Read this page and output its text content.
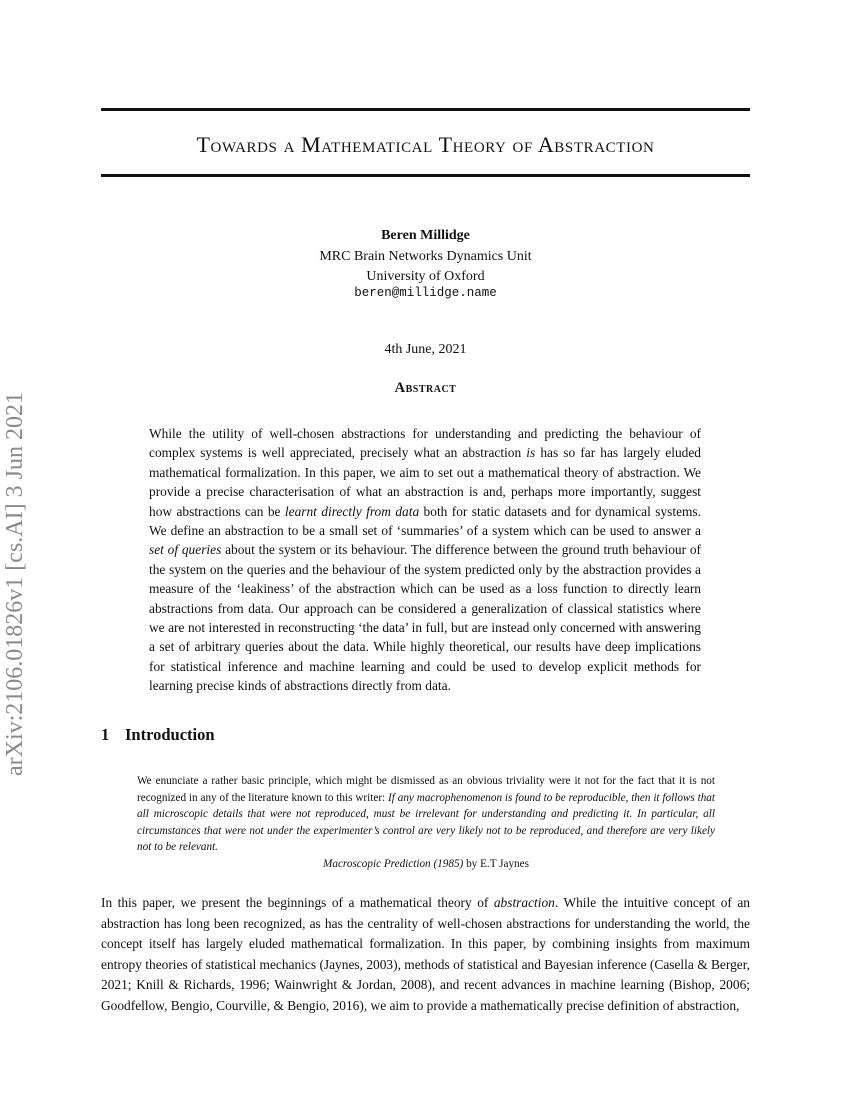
arXiv:2106.01826v1 [cs.AI] 3 Jun 2021
Towards a Mathematical Theory of Abstraction
Beren Millidge
MRC Brain Networks Dynamics Unit
University of Oxford
beren@millidge.name
4th June, 2021
Abstract
While the utility of well-chosen abstractions for understanding and predicting the behaviour of complex systems is well appreciated, precisely what an abstraction is has so far has largely eluded mathematical formalization. In this paper, we aim to set out a mathematical theory of abstraction. We provide a precise characterisation of what an abstraction is and, perhaps more importantly, suggest how abstractions can be learnt directly from data both for static datasets and for dynamical systems. We define an abstraction to be a small set of ‘summaries’ of a system which can be used to answer a set of queries about the system or its behaviour. The difference between the ground truth behaviour of the system on the queries and the behaviour of the system predicted only by the abstraction provides a measure of the ‘leakiness’ of the abstraction which can be used as a loss function to directly learn abstractions from data. Our approach can be considered a generalization of classical statistics where we are not interested in reconstructing ‘the data’ in full, but are instead only concerned with answering a set of arbitrary queries about the data. While highly theoretical, our results have deep implications for statistical inference and machine learning and could be used to develop explicit methods for learning precise kinds of abstractions directly from data.
1 Introduction
We enunciate a rather basic principle, which might be dismissed as an obvious triviality were it not for the fact that it is not recognized in any of the literature known to this writer: If any macrophenomenon is found to be reproducible, then it follows that all microscopic details that were not reproduced, must be irrelevant for understanding and predicting it. In particular, all circumstances that were not under the experimenter’s control are very likely not to be reproduced, and therefore are very likely not to be relevant.
Macroscopic Prediction (1985) by E.T Jaynes
In this paper, we present the beginnings of a mathematical theory of abstraction. While the intuitive concept of an abstraction has long been recognized, as has the centrality of well-chosen abstractions for understanding the world, the concept itself has largely eluded mathematical formalization. In this paper, by combining insights from maximum entropy theories of statistical mechanics (Jaynes, 2003), methods of statistical and Bayesian inference (Casella & Berger, 2021; Knill & Richards, 1996; Wainwright & Jordan, 2008), and recent advances in machine learning (Bishop, 2006; Goodfellow, Bengio, Courville, & Bengio, 2016), we aim to provide a mathematically precise definition of abstraction,
